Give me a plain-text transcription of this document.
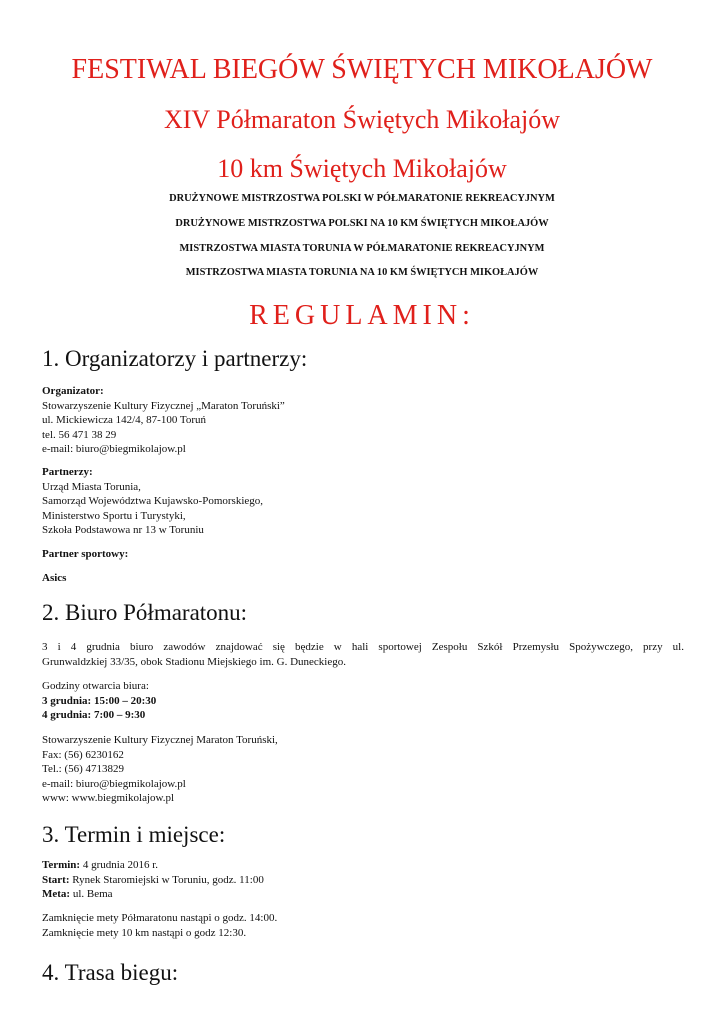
FESTIWAL BIEGÓW ŚWIĘTYCH MIKOŁAJÓW
XIV Półmaraton Świętych Mikołajów
10 km Świętych Mikołajów
DRUŻYNOWE MISTRZOSTWA POLSKI W PÓŁMARATONIE REKREACYJNYM
DRUŻYNOWE MISTRZOSTWA POLSKI NA 10 KM ŚWIĘTYCH MIKOŁAJÓW
MISTRZOSTWA MIASTA TORUNIA W PÓŁMARATONIE REKREACYJNYM
MISTRZOSTWA MIASTA TORUNIA NA 10 KM ŚWIĘTYCH MIKOŁAJÓW
REGULAMIN:
1. Organizatorzy i partnerzy:
Organizator:
Stowarzyszenie Kultury Fizycznej „Maraton Toruński”
ul. Mickiewicza 142/4, 87-100 Toruń
tel. 56 471 38 29
e-mail: biuro@biegmikolajow.pl
Partnerzy:
Urząd Miasta Torunia,
Samorząd Województwa Kujawsko-Pomorskiego,
Ministerstwo Sportu i Turystyki,
Szkoła Podstawowa nr 13 w Toruniu
Partner sportowy:
Asics
2. Biuro Półmaratonu:
3 i 4 grudnia biuro zawodów znajdować się będzie w hali sportowej Zespołu Szkół Przemysłu Spożywczego, przy ul.
Grunwaldzkiej 33/35, obok Stadionu Miejskiego im. G. Duneckiego.
Godziny otwarcia biura:
3 grudnia: 15:00 – 20:30
4 grudnia: 7:00 – 9:30
Stowarzyszenie Kultury Fizycznej Maraton Toruński,
Fax: (56) 6230162
Tel.: (56) 4713829
e-mail: biuro@biegmikolajow.pl
www: www.biegmikolajow.pl
3. Termin i miejsce:
Termin: 4 grudnia 2016 r.
Start: Rynek Staromiejski w Toruniu, godz. 11:00
Meta: ul. Bema
Zamknięcie mety Półmaratonu nastąpi o godz. 14:00.
Zamknięcie mety 10 km nastąpi o godz 12:30.
4. Trasa biegu:
